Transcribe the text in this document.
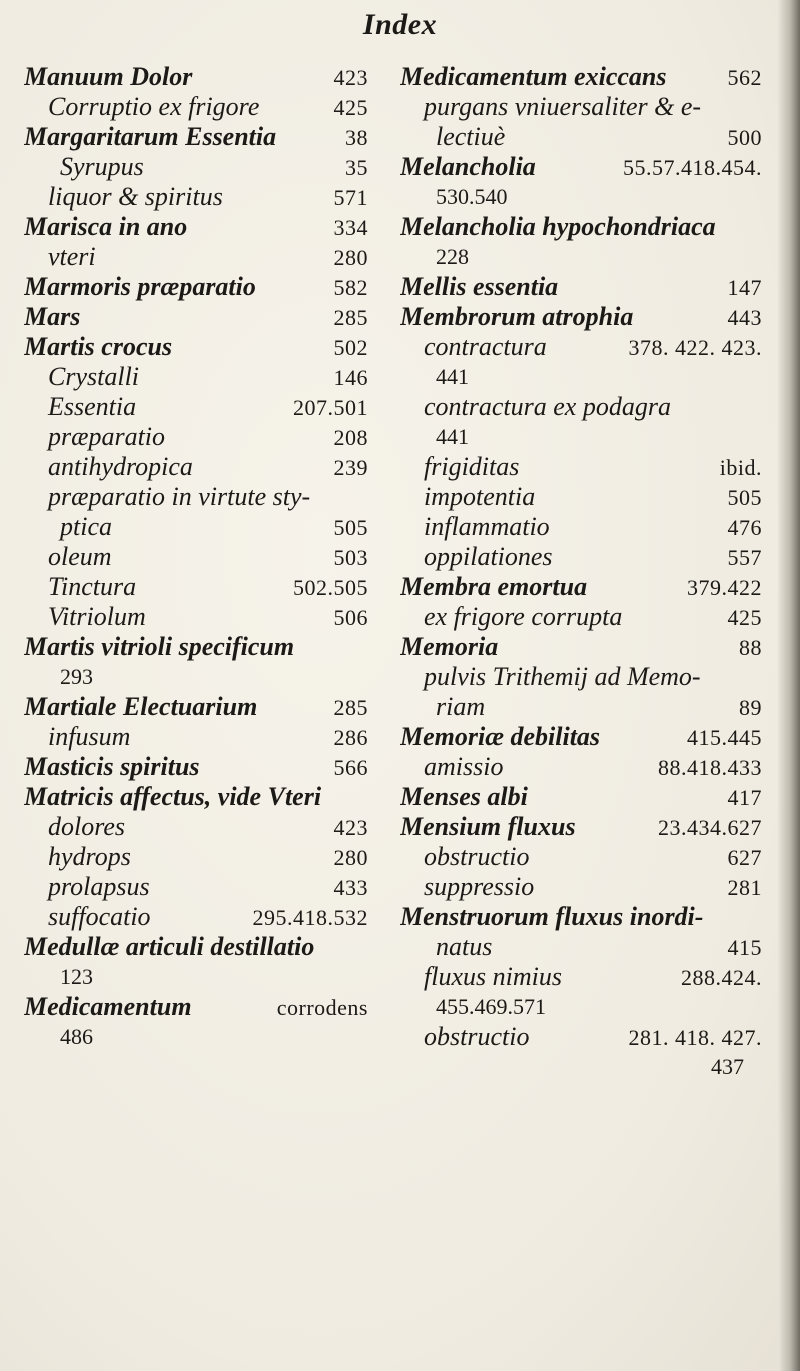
Index
Manuum Dolor	423
Corruptio ex frigore	425
Margaritarum Essentia	38
Syrupus	35
liquor & spiritus	571
Marisca in ano	334
vteri	280
Marmoris præparatio	582
Mars	285
Martis crocus	502
Crystalli	146
Essentia	207.501
præparatio	208
antihydropica	239
præparatio in virtute sty-
ptica	505
oleum	503
Tinctura	502.505
Vitriolum	506
Martis vitrioli specificum
293
Martiale Electuarium	285
infusum	286
Masticis spiritus	566
Matricis affectus, vide Vteri
dolores	423
hydrops	280
prolapsus	433
suffocatio	295.418.532
Medullæ articuli destillatio
123
Medicamentum	corrodens
486
Medicamentum exiccans	562
purgans vniuersaliter & e-
lectiuè	500
Melancholia	55.57.418.454.
530.540
Melancholia hypochondriaca
228
Mellis essentia	147
Membrorum atrophia	443
contractura	378. 422. 423.
441
contractura ex podagra
441
frigiditas	ibid.
impotentia	505
inflammatio	476
oppilationes	557
Membra emortua	379.422
ex frigore corrupta	425
Memoria	88
pulvis Trithemij ad Memo-
riam	89
Memoriæ debilitas	415.445
amissio	88.418.433
Menses albi	417
Mensium fluxus	23.434.627
obstructio	627
suppressio	281
Menstruorum fluxus inordi-
natus	415
fluxus nimius	288.424.
455.469.571
obstructio	281. 418. 427.
437
